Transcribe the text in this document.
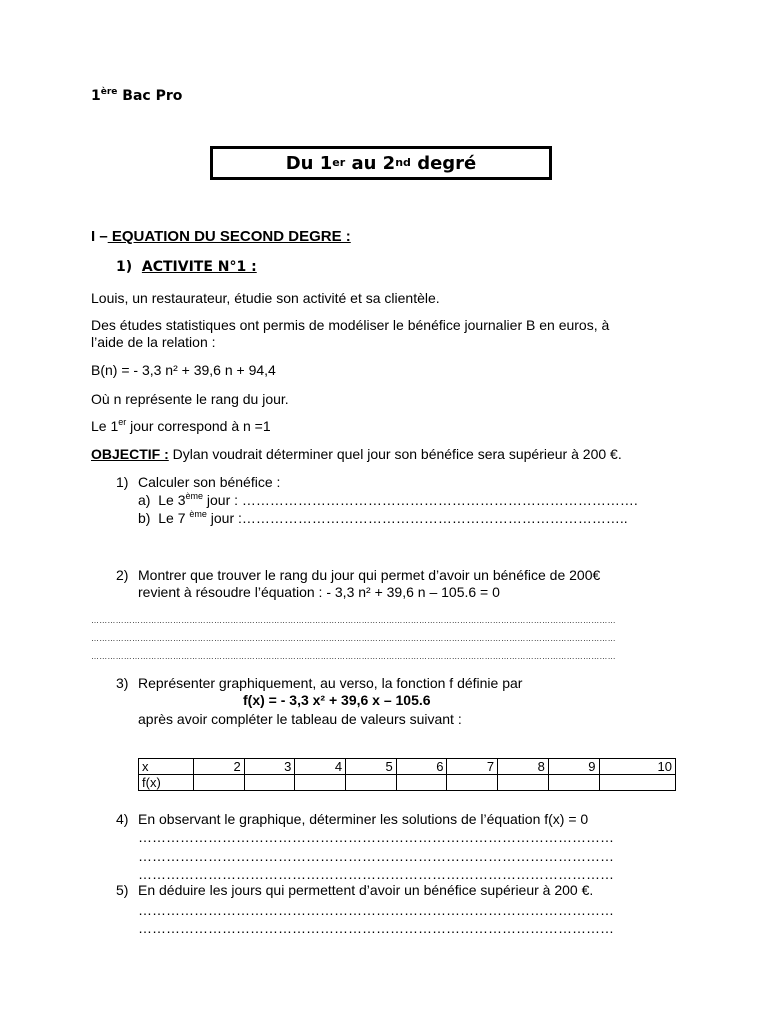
1ère Bac Pro
Du 1 er au 2 nd degré
I – EQUATION DU SECOND DEGRE :
1) ACTIVITE N°1 :
Louis, un restaurateur, étudie son activité et sa clientèle.
Des études statistiques ont permis de modéliser le bénéfice journalier B en euros, à
l’aide de la relation :
B(n) = - 3,3 n² + 39,6 n + 94,4
Où n représente le rang du jour.
Le 1er jour correspond à n =1
OBJECTIF : Dylan voudrait déterminer quel jour son bénéfice sera supérieur à 200 €.
1) Calculer son bénéfice :
a) Le 3ème jour : ………………………………………………………………………….
b) Le 7 $^{ème}$ jour :………………………………………………………………………..
2) Montrer que trouver le rang du jour qui permet d’avoir un bénéfice de 200€
revient à résoudre l’équation : - 3,3 n² + 39,6 n – 105.6 = 0
…………………………………………………………………………………………………………………………………………………………………………
…………………………………………………………………………………………………………………………………………………………………………
…………………………………………………………………………………………………………………………………………………………………………
3) Représenter graphiquement, au verso, la fonction f définie par
f(x) = - 3,3 x² + 39,6 x – 105.6
après avoir compléter le tableau de valeurs suivant :
x	2	3	4	5	6	7	8	9	10
f(x)									
4) En observant le graphique, déterminer les solutions de l’équation f(x) = 0
…………………………………………………………………………………………
…………………………………………………………………………………………
…………………………………………………………………………………………
5) En déduire les jours qui permettent d’avoir un bénéfice supérieur à 200 €.
…………………………………………………………………………………………
…………………………………………………………………………………………
